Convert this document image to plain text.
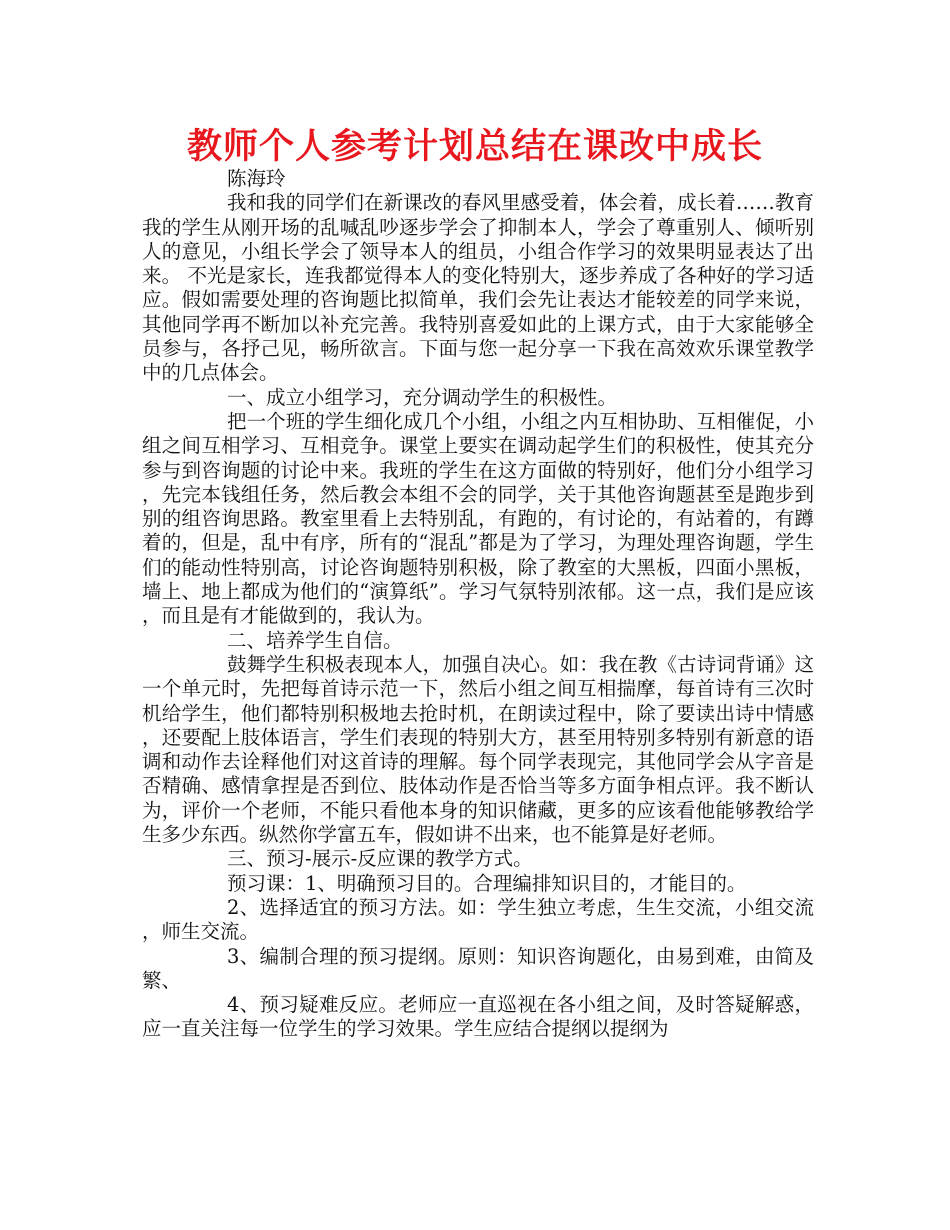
教师个人参考计划总结在课改中成长

陈海玲

我和我的同学们在新课改的春风里感受着，体会着，成长着……教育我的学生从刚开场的乱喊乱吵逐步学会了抑制本人，学会了尊重别人、倾听别人的意见，小组长学会了领导本人的组员，小组合作学习的效果明显表达了出来。 不光是家长，连我都觉得本人的变化特别大，逐步养成了各种好的学习适应。假如需要处理的咨询题比拟简单，我们会先让表达才能较差的同学来说，其他同学再不断加以补充完善。我特别喜爱如此的上课方式，由于大家能够全员参与，各抒己见，畅所欲言。下面与您一起分享一下我在高效欢乐课堂教学中的几点体会。

一、成立小组学习，充分调动学生的积极性。

把一个班的学生细化成几个小组，小组之内互相协助、互相催促，小组之间互相学习、互相竞争。课堂上要实在调动起学生们的积极性，使其充分参与到咨询题的讨论中来。我班的学生在这方面做的特别好，他们分小组学习，先完本钱组任务，然后教会本组不会的同学，关于其他咨询题甚至是跑步到别的组咨询思路。教室里看上去特别乱，有跑的，有讨论的，有站着的，有蹲着的，但是，乱中有序，所有的“混乱”都是为了学习，为理处理咨询题，学生们的能动性特别高，讨论咨询题特别积极，除了教室的大黑板，四面小黑板，墙上、地上都成为他们的“演算纸”。学习气氛特别浓郁。这一点，我们是应该，而且是有才能做到的，我认为。

二、培养学生自信。

鼓舞学生积极表现本人，加强自决心。如：我在教《古诗词背诵》这一个单元时，先把每首诗示范一下，然后小组之间互相揣摩，每首诗有三次时机给学生，他们都特别积极地去抢时机，在朗读过程中，除了要读出诗中情感，还要配上肢体语言，学生们表现的特别大方，甚至用特别多特别有新意的语调和动作去诠释他们对这首诗的理解。每个同学表现完，其他同学会从字音是否精确、感情拿捏是否到位、肢体动作是否恰当等多方面争相点评。我不断认为，评价一个老师，不能只看他本身的知识储藏，更多的应该看他能够教给学生多少东西。纵然你学富五车，假如讲不出来，也不能算是好老师。

三、预习-展示-反应课的教学方式。

预习课：1、明确预习目的。合理编排知识目的，才能目的。

2、选择适宜的预习方法。如：学生独立考虑，生生交流，小组交流，师生交流。

3、编制合理的预习提纲。原则：知识咨询题化，由易到难，由简及繁、

4、预习疑难反应。老师应一直巡视在各小组之间，及时答疑解惑，应一直关注每一位学生的学习效果。学生应结合提纲以提纲为
